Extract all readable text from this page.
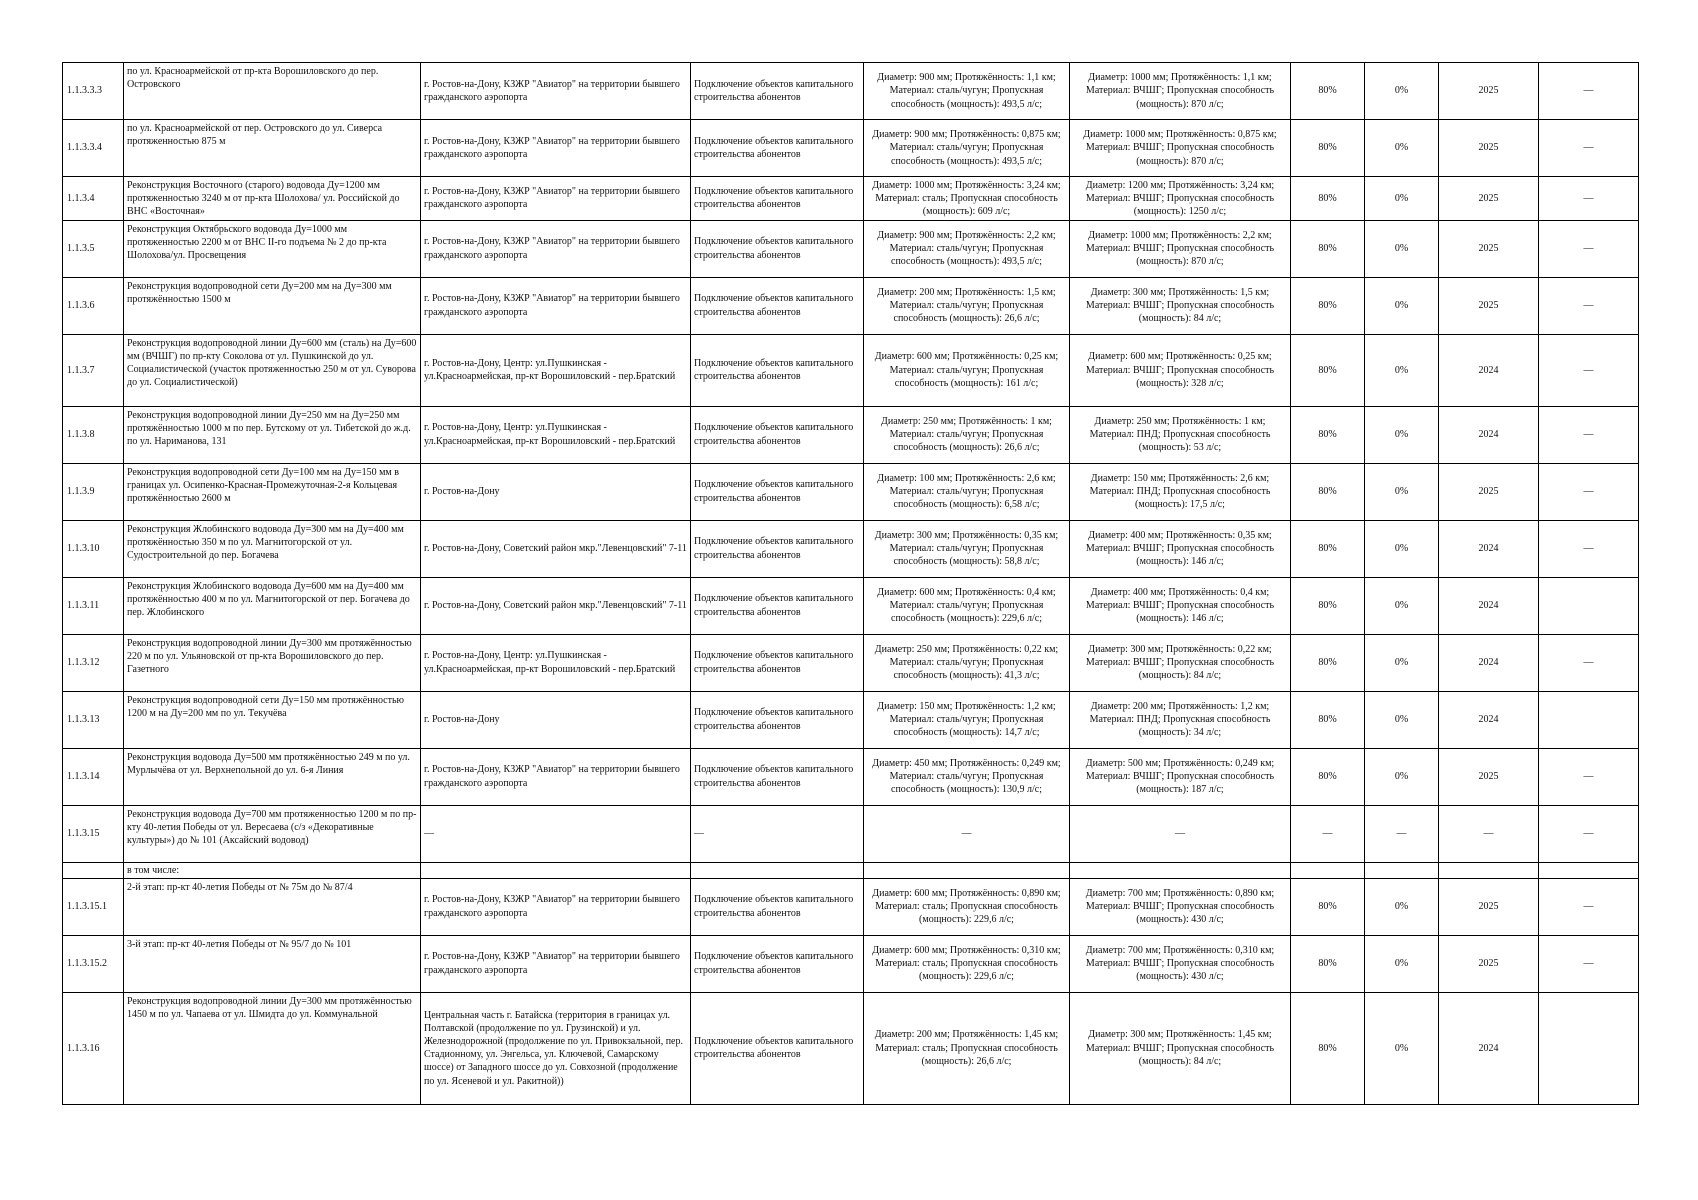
1.1.3.3.3	по ул. Красноармейской от пр-кта Ворошиловского до пер. Островского	г. Ростов-на-Дону, КЗЖР "Авиатор" на территории бывшего гражданского аэропорта	Подключение объектов капитального строительства абонентов	Диаметр: 900 мм; Протяжённость: 1,1 км; Материал: сталь/чугун; Пропускная способность (мощность): 493,5 л/с;	Диаметр: 1000 мм; Протяжённость: 1,1 км; Материал: ВЧШГ; Пропускная способность (мощность): 870 л/с;	80%	0%	2025	—
1.1.3.3.4	по ул. Красноармейской от пер. Островского до ул. Сиверса протяженностью 875 м	г. Ростов-на-Дону, КЗЖР "Авиатор" на территории бывшего гражданского аэропорта	Подключение объектов капитального строительства абонентов	Диаметр: 900 мм; Протяжённость: 0,875 км; Материал: сталь/чугун; Пропускная способность (мощность): 493,5 л/с;	Диаметр: 1000 мм; Протяжённость: 0,875 км; Материал: ВЧШГ; Пропускная способность (мощность): 870 л/с;	80%	0%	2025	—
1.1.3.4	Реконструкция Восточного (старого) водовода Ду=1200 мм протяженностью 3240 м от пр-кта Шолохова/ ул. Российской до ВНС «Восточная»	г. Ростов-на-Дону, КЗЖР "Авиатор" на территории бывшего гражданского аэропорта	Подключение объектов капитального строительства абонентов	Диаметр: 1000 мм; Протяжённость: 3,24 км; Материал: сталь; Пропускная способность (мощность): 609 л/с;	Диаметр: 1200 мм; Протяжённость: 3,24 км; Материал: ВЧШГ; Пропускная способность (мощность): 1250 л/с;	80%	0%	2025	—
1.1.3.5	Реконструкция Октябрьского водовода Ду=1000 мм протяженностью 2200 м от ВНС II-го подъема № 2 до пр-кта Шолохова/ул. Просвещения	г. Ростов-на-Дону, КЗЖР "Авиатор" на территории бывшего гражданского аэропорта	Подключение объектов капитального строительства абонентов	Диаметр: 900 мм; Протяжённость: 2,2 км; Материал: сталь/чугун; Пропускная способность (мощность): 493,5 л/с;	Диаметр: 1000 мм; Протяжённость: 2,2 км; Материал: ВЧШГ; Пропускная способность (мощность): 870 л/с;	80%	0%	2025	—
1.1.3.6	Реконструкция водопроводной сети Ду=200 мм на Ду=300 мм протяжённостью 1500 м	г. Ростов-на-Дону, КЗЖР "Авиатор" на территории бывшего гражданского аэропорта	Подключение объектов капитального строительства абонентов	Диаметр: 200 мм; Протяжённость: 1,5 км; Материал: сталь/чугун; Пропускная способность (мощность): 26,6 л/с;	Диаметр: 300 мм; Протяжённость: 1,5 км; Материал: ВЧШГ; Пропускная способность (мощность): 84 л/с;	80%	0%	2025	—
1.1.3.7	Реконструкция водопроводной линии Ду=600 мм (сталь) на Ду=600 мм (ВЧШГ) по пр-кту Соколова от ул. Пушкинской до ул. Социалистической (участок протяженностью 250 м от ул. Суворова до ул. Социалистической)	г. Ростов-на-Дону, Центр: ул.Пушкинская - ул.Красноармейская, пр-кт Ворошиловский - пер.Братский	Подключение объектов капитального строительства абонентов	Диаметр: 600 мм; Протяжённость: 0,25 км; Материал: сталь/чугун; Пропускная способность (мощность): 161 л/с;	Диаметр: 600 мм; Протяжённость: 0,25 км; Материал: ВЧШГ; Пропускная способность (мощность): 328 л/с;	80%	0%	2024	—
1.1.3.8	Реконструкция водопроводной линии Ду=250 мм на Ду=250 мм протяжённостью 1000 м по пер. Бутскому от ул. Тибетской до ж.д. по ул. Нариманова, 131	г. Ростов-на-Дону, Центр: ул.Пушкинская - ул.Красноармейская, пр-кт Ворошиловский - пер.Братский	Подключение объектов капитального строительства абонентов	Диаметр: 250 мм; Протяжённость: 1 км; Материал: сталь/чугун; Пропускная способность (мощность): 26,6 л/с;	Диаметр: 250 мм; Протяжённость: 1 км; Материал: ПНД; Пропускная способность (мощность): 53 л/с;	80%	0%	2024	—
1.1.3.9	Реконструкция водопроводной сети Ду=100 мм на Ду=150 мм в границах ул. Осипенко-Красная-Промежуточная-2-я Кольцевая протяжённостью 2600 м	г. Ростов-на-Дону	Подключение объектов капитального строительства абонентов	Диаметр: 100 мм; Протяжённость: 2,6 км; Материал: сталь/чугун; Пропускная способность (мощность): 6,58 л/с;	Диаметр: 150 мм; Протяжённость: 2,6 км; Материал: ПНД; Пропускная способность (мощность): 17,5 л/с;	80%	0%	2025	—
1.1.3.10	Реконструкция Жлобинского водовода Ду=300 мм на Ду=400 мм протяжённостью 350 м по ул. Магнитогорской от ул. Судостроительной до пер. Богачева	г. Ростов-на-Дону, Советский район мкр."Левенцовский" 7-11	Подключение объектов капитального строительства абонентов	Диаметр: 300 мм; Протяжённость: 0,35 км; Материал: сталь/чугун; Пропускная способность (мощность): 58,8 л/с;	Диаметр: 400 мм; Протяжённость: 0,35 км; Материал: ВЧШГ; Пропускная способность (мощность): 146 л/с;	80%	0%	2024	—
1.1.3.11	Реконструкция Жлобинского водовода Ду=600 мм на Ду=400 мм протяжённостью 400 м по ул. Магнитогорской от пер. Богачева до пер. Жлобинского	г. Ростов-на-Дону, Советский район мкр."Левенцовский" 7-11	Подключение объектов капитального строительства абонентов	Диаметр: 600 мм; Протяжённость: 0,4 км; Материал: сталь/чугун; Пропускная способность (мощность): 229,6 л/с;	Диаметр: 400 мм; Протяжённость: 0,4 км; Материал: ВЧШГ; Пропускная способность (мощность): 146 л/с;	80%	0%	2024	
1.1.3.12	Реконструкция водопроводной линии Ду=300 мм протяжённостью 220 м по ул. Ульяновской от пр-кта Ворошиловского до пер. Газетного	г. Ростов-на-Дону, Центр: ул.Пушкинская - ул.Красноармейская, пр-кт Ворошиловский - пер.Братский	Подключение объектов капитального строительства абонентов	Диаметр: 250 мм; Протяжённость: 0,22 км; Материал: сталь/чугун; Пропускная способность (мощность): 41,3 л/с;	Диаметр: 300 мм; Протяжённость: 0,22 км; Материал: ВЧШГ; Пропускная способность (мощность): 84 л/с;	80%	0%	2024	—
1.1.3.13	Реконструкция водопроводной сети Ду=150 мм протяжённостью 1200 м на Ду=200 мм по ул. Текучёва	г. Ростов-на-Дону	Подключение объектов капитального строительства абонентов	Диаметр: 150 мм; Протяжённость: 1,2 км; Материал: сталь/чугун; Пропускная способность (мощность): 14,7 л/с;	Диаметр: 200 мм; Протяжённость: 1,2 км; Материал: ПНД; Пропускная способность (мощность): 34 л/с;	80%	0%	2024	
1.1.3.14	Реконструкция водовода Ду=500 мм протяжённостью 249 м по ул. Мурлычёва от ул. Верхнепольной до ул. 6-я Линия	г. Ростов-на-Дону, КЗЖР "Авиатор" на территории бывшего гражданского аэропорта	Подключение объектов капитального строительства абонентов	Диаметр: 450 мм; Протяжённость: 0,249 км; Материал: сталь/чугун; Пропускная способность (мощность): 130,9 л/с;	Диаметр: 500 мм; Протяжённость: 0,249 км; Материал: ВЧШГ; Пропускная способность (мощность): 187 л/с;	80%	0%	2025	—
1.1.3.15	Реконструкция водовода Ду=700 мм протяженностью 1200 м по пр-кту 40-летия Победы от ул. Вересаева (с/з «Декоративные культуры») до № 101 (Аксайский водовод)	—	—	—	—	—	—	—	—
	в том числе:								
1.1.3.15.1	2-й этап: пр-кт 40-летия Победы от № 75м до № 87/4	г. Ростов-на-Дону, КЗЖР "Авиатор" на территории бывшего гражданского аэропорта	Подключение объектов капитального строительства абонентов	Диаметр: 600 мм; Протяжённость: 0,890 км; Материал: сталь; Пропускная способность (мощность): 229,6 л/с;	Диаметр: 700 мм; Протяжённость: 0,890 км; Материал: ВЧШГ; Пропускная способность (мощность): 430 л/с;	80%	0%	2025	—
1.1.3.15.2	3-й этап: пр-кт 40-летия Победы от № 95/7 до № 101	г. Ростов-на-Дону, КЗЖР "Авиатор" на территории бывшего гражданского аэропорта	Подключение объектов капитального строительства абонентов	Диаметр: 600 мм; Протяжённость: 0,310 км; Материал: сталь; Пропускная способность (мощность): 229,6 л/с;	Диаметр: 700 мм; Протяжённость: 0,310 км; Материал: ВЧШГ; Пропускная способность (мощность): 430 л/с;	80%	0%	2025	—
1.1.3.16	Реконструкция водопроводной линии Ду=300 мм протяжённостью 1450 м по ул. Чапаева от ул. Шмидта до ул. Коммунальной	Центральная часть г. Батайска (территория в границах ул. Полтавской (продолжение по ул. Грузинской) и ул. Железнодорожной (продолжение по ул. Привокзальной, пер. Стадионному, ул. Энгельса, ул. Ключевой, Самарскому шоссе) от Западного шоссе до ул. Совхозной (продолжение по ул. Ясеневой и ул. Ракитной))	Подключение объектов капитального строительства абонентов	Диаметр: 200 мм; Протяжённость: 1,45 км; Материал: сталь; Пропускная способность (мощность): 26,6 л/с;	Диаметр: 300 мм; Протяжённость: 1,45 км; Материал: ВЧШГ; Пропускная способность (мощность): 84 л/с;	80%	0%	2024	
